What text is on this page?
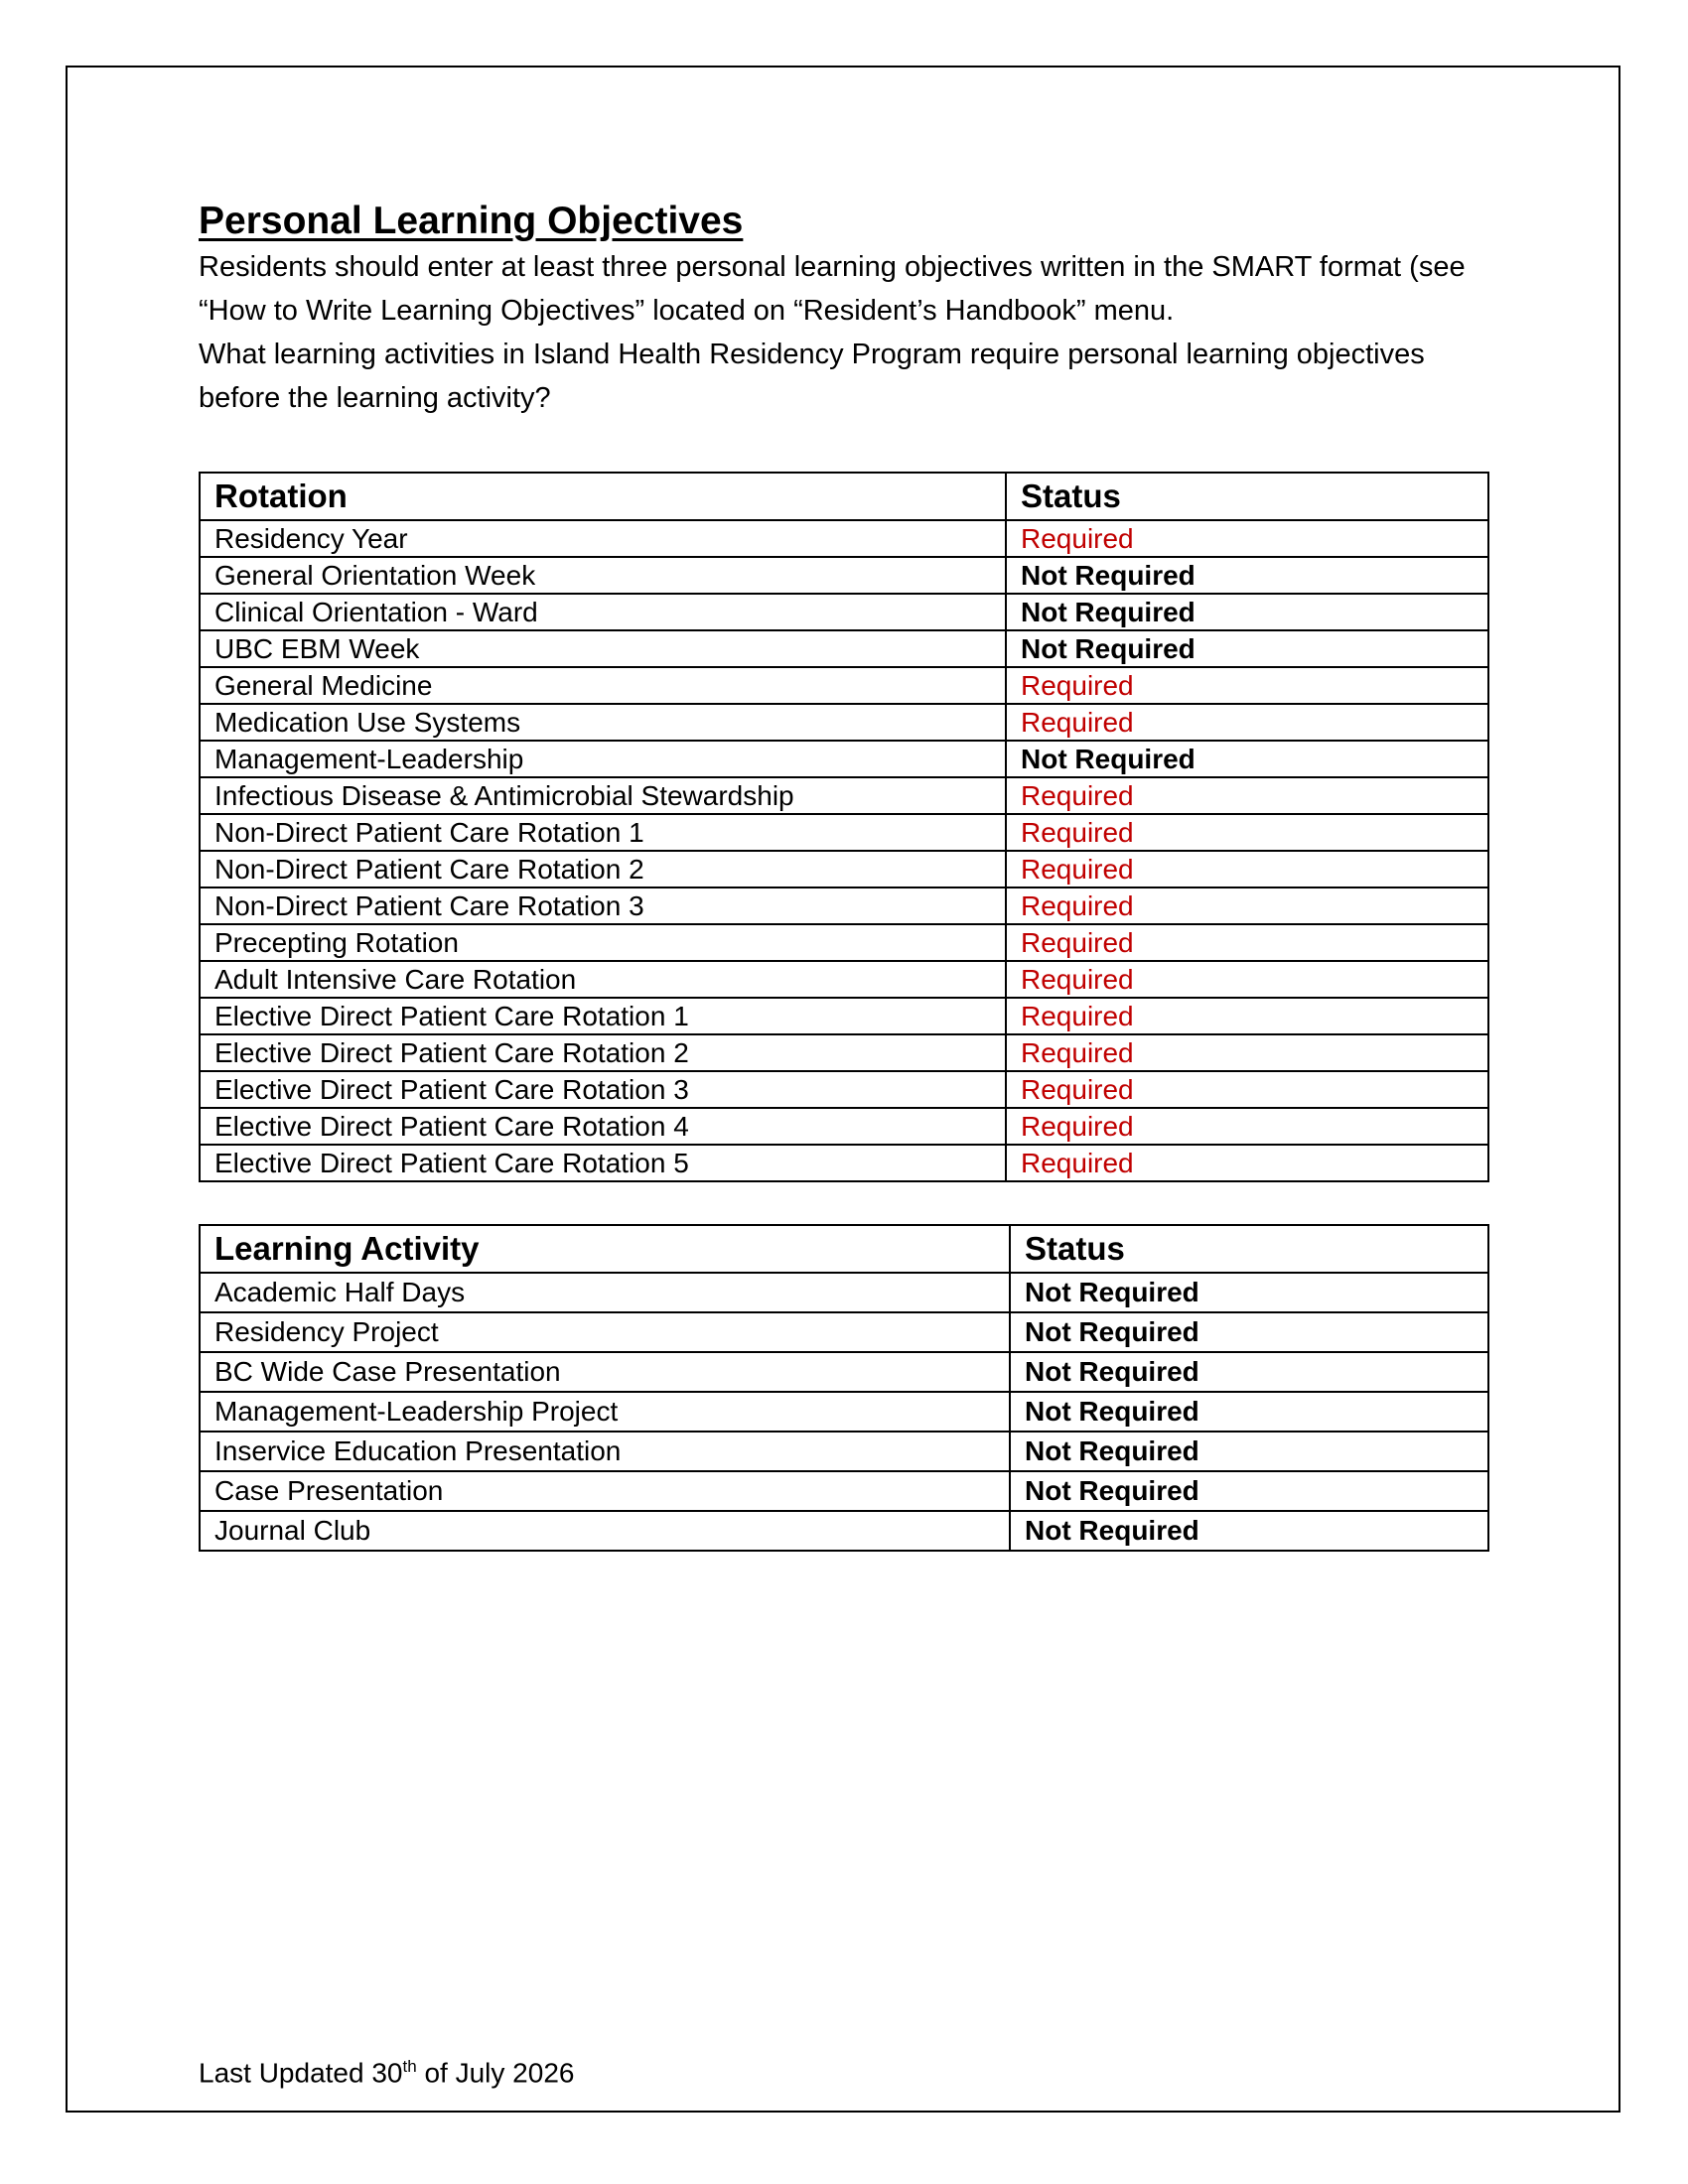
Personal Learning Objectives

Residents should enter at least three personal learning objectives written in the SMART format (see “How to Write Learning Objectives” located on “Resident’s Handbook” menu.

What learning activities in Island Health Residency Program require personal learning objectives before the learning activity?

Rotation	Status
Residency Year	Required
General Orientation Week	Not Required
Clinical Orientation - Ward	Not Required
UBC EBM Week	Not Required
General Medicine	Required
Medication Use Systems	Required
Management-Leadership	Not Required
Infectious Disease & Antimicrobial Stewardship	Required
Non-Direct Patient Care Rotation 1	Required
Non-Direct Patient Care Rotation 2	Required
Non-Direct Patient Care Rotation 3	Required
Precepting Rotation	Required
Adult Intensive Care Rotation	Required
Elective Direct Patient Care Rotation 1	Required
Elective Direct Patient Care Rotation 2	Required
Elective Direct Patient Care Rotation 3	Required
Elective Direct Patient Care Rotation 4	Required
Elective Direct Patient Care Rotation 5	Required
Learning Activity	Status
Academic Half Days	Not Required
Residency Project	Not Required
BC Wide Case Presentation	Not Required
Management-Leadership Project	Not Required
Inservice Education Presentation	Not Required
Case Presentation	Not Required
Journal Club	Not Required
Last Updated 30th of July 2026
